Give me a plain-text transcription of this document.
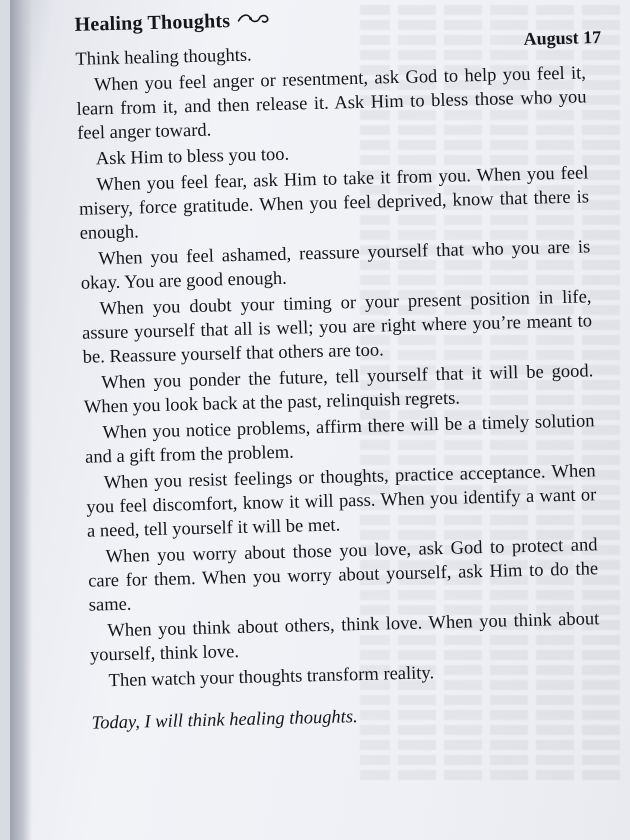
Healing Thoughts
August 17

Think healing thoughts.

When you feel anger or resentment, ask God to help you feel it, learn from it, and then release it. Ask Him to bless those who you feel anger toward.

Ask Him to bless you too.

When you feel fear, ask Him to take it from you. When you feel misery, force gratitude. When you feel deprived, know that there is enough.

When you feel ashamed, reassure yourself that who you are is okay. You are good enough.

When you doubt your timing or your present position in life, assure yourself that all is well; you are right where you’re meant to be. Reassure yourself that others are too.

When you ponder the future, tell yourself that it will be good. When you look back at the past, relinquish regrets.

When you notice problems, affirm there will be a timely solution and a gift from the problem.

When you resist feelings or thoughts, practice acceptance. When you feel discomfort, know it will pass. When you identify a want or a need, tell yourself it will be met.

When you worry about those you love, ask God to protect and care for them. When you worry about yourself, ask Him to do the same.

When you think about others, think love. When you think about yourself, think love.

Then watch your thoughts transform reality.

Today, I will think healing thoughts.
